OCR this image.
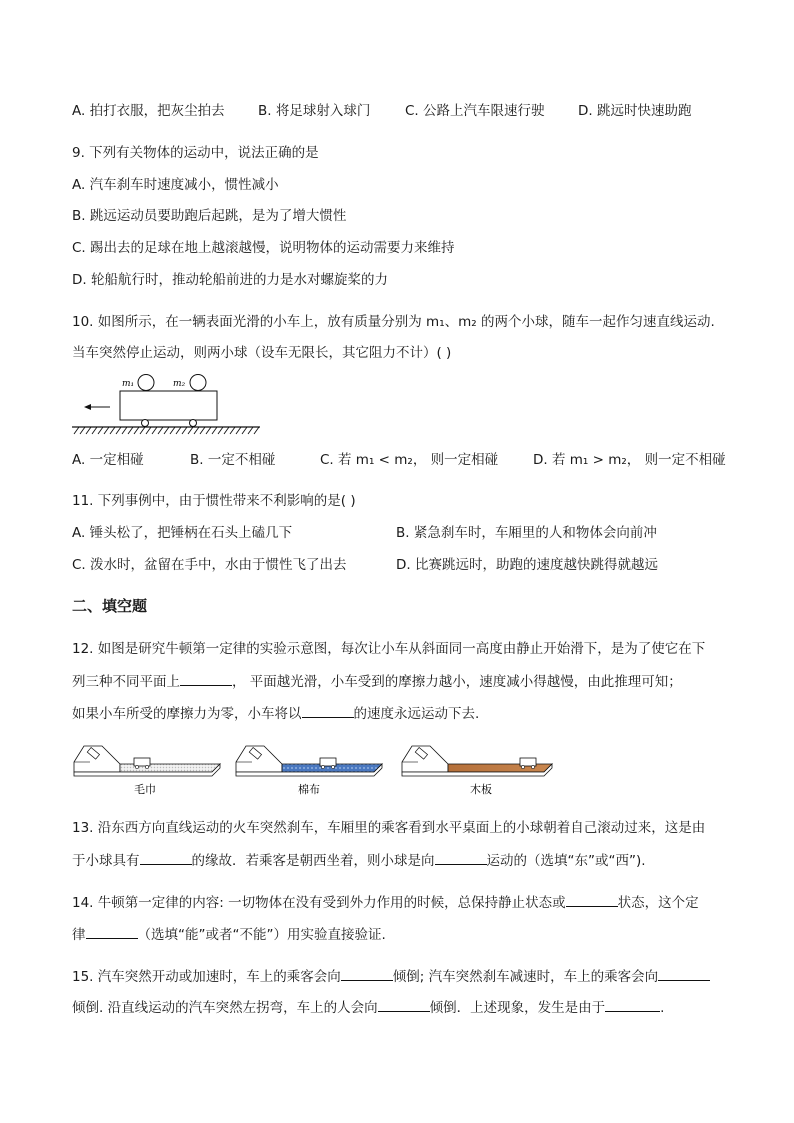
A. 拍打衣服，把灰尘拍去 B. 将足球射入球门	C. 公路上汽车限速行驶 D. 跳远时快速助跑
9. 下列有关物体的运动中，说法正确的是
A. 汽车刹车时速度减小，惯性减小
B. 跳远运动员要助跑后起跳，是为了增大惯性
C. 踢出去的足球在地上越滚越慢，说明物体的运动需要力来维持
D. 轮船航行时，推动轮船前进的力是水对螺旋桨的力
10. 如图所示，在一辆表面光滑的小车上，放有质量分别为 m₁、m₂ 的两个小球，随车一起作匀速直线运动.
当车突然停止运动，则两小球（设车无限长，其它阻力不计）( )
m₁	m₂
A. 一定相碰	B. 一定不相碰	C. 若 m₁ < m₂， 则一定相碰	D. 若 m₁ > m₂， 则一定不相碰
11. 下列事例中，由于惯性带来不利影响的是( )
A. 锤头松了，把锤柄在石头上磕几下	B. 紧急刹车时，车厢里的人和物体会向前冲
C. 泼水时，盆留在手中，水由于惯性飞了出去	D. 比赛跳远时，助跑的速度越快跳得就越远
二、填空题
12. 如图是研究牛顿第一定律的实验示意图，每次让小车从斜面同一高度由静止开始滑下，是为了使它在下
列三种不同平面上	， 平面越光滑，小车受到的摩擦力越小，速度减小得越慢，由此推理可知；
如果小车所受的摩擦力为零，小车将以	的速度永远运动下去.
毛巾	棉布	木板
13. 沿东西方向直线运动的火车突然刹车，车厢里的乘客看到水平桌面上的小球朝着自己滚动过来，这是由
于小球具有	的缘故．若乘客是朝西坐着，则小球是向	运动的（选填“东”或“西”).
14. 牛顿第一定律的内容: 一切物体在没有受到外力作用的时候，总保持静止状态或	状态，这个定
律	（选填“能”或者“不能”）用实验直接验证.
15. 汽车突然开动或加速时，车上的乘客会向	倾倒; 汽车突然刹车减速时，车上的乘客会向
倾倒. 沿直线运动的汽车突然左拐弯，车上的人会向	倾倒．上述现象，发生是由于	.
